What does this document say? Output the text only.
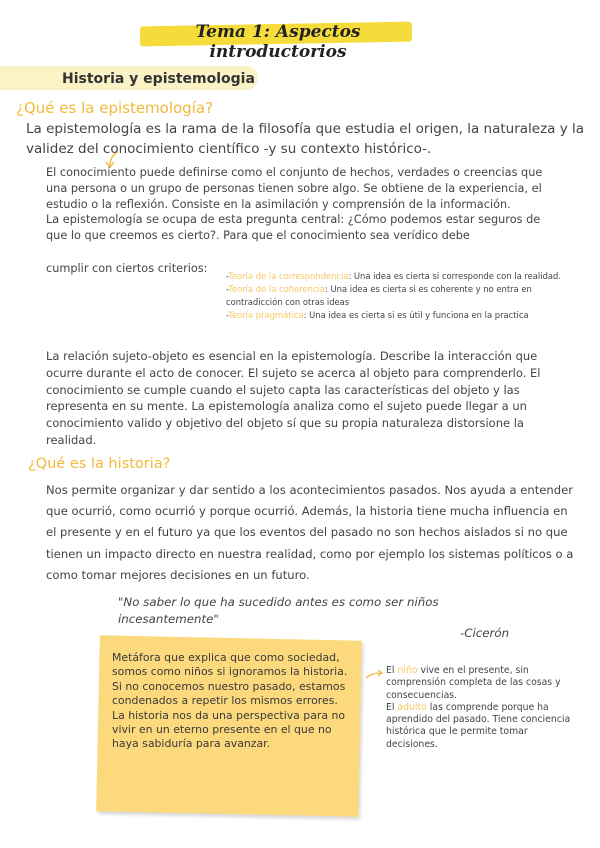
Tema 1: Aspectos introductorios
Historia y epistemologia
¿Qué es la epistemología?
La epistemología es la rama de la filosofía que estudia el origen, la naturaleza y la validez del conocimiento científico -y su contexto histórico-.
El conocimiento puede definirse como el conjunto de hechos, verdades o creencias que una persona o un grupo de personas tienen sobre algo. Se obtiene de la experiencia, el estudio o la reflexión. Consiste en la asimilación y comprensión de la información.
La epistemología se ocupa de esta pregunta central: ¿Cómo podemos estar seguros de que lo que creemos es cierto?. Para que el conocimiento sea verídico debe
cumplir con ciertos criterios:
-Teoría de la correspondencia: Una idea es cierta si corresponde con la realidad.
-Teoría de la coherencia: Una idea es cierta si es coherente y no entra en contradicción con otras ideas
-Teoría pragmática: Una idea es cierta si es útil y funciona en la practica
La relación sujeto-objeto es esencial en la epistemología. Describe la interacción que ocurre durante el acto de conocer. El sujeto se acerca al objeto para comprenderlo. El conocimiento se cumple cuando el sujeto capta las características del objeto y las representa en su mente. La epistemología analiza como el sujeto puede llegar a un conocimiento valido y objetivo del objeto sí que su propia naturaleza distorsione la realidad.
¿Qué es la historia?
Nos permite organizar y dar sentido a los acontecimientos pasados. Nos ayuda a entender que ocurrió, como ocurrió y porque ocurrió. Además, la historia tiene mucha influencia en el presente y en el futuro ya que los eventos del pasado no son hechos aislados si no que tienen un impacto directo en nuestra realidad, como por ejemplo los sistemas políticos o a como tomar mejores decisiones en un futuro.
"No saber lo que ha sucedido antes es como ser niños incesantemente"
-Cicerón
Metáfora que explica que como sociedad, somos como niños si ignoramos la historia. Si no conocemos nuestro pasado, estamos condenados a repetir los mismos errores. La historia nos da una perspectiva para no vivir en un eterno presente en el que no haya sabiduría para avanzar.
El niño vive en el presente, sin comprensión completa de las cosas y consecuencias.
El adulto las comprende porque ha aprendido del pasado. Tiene conciencia histórica que le permite tomar decisiones.
